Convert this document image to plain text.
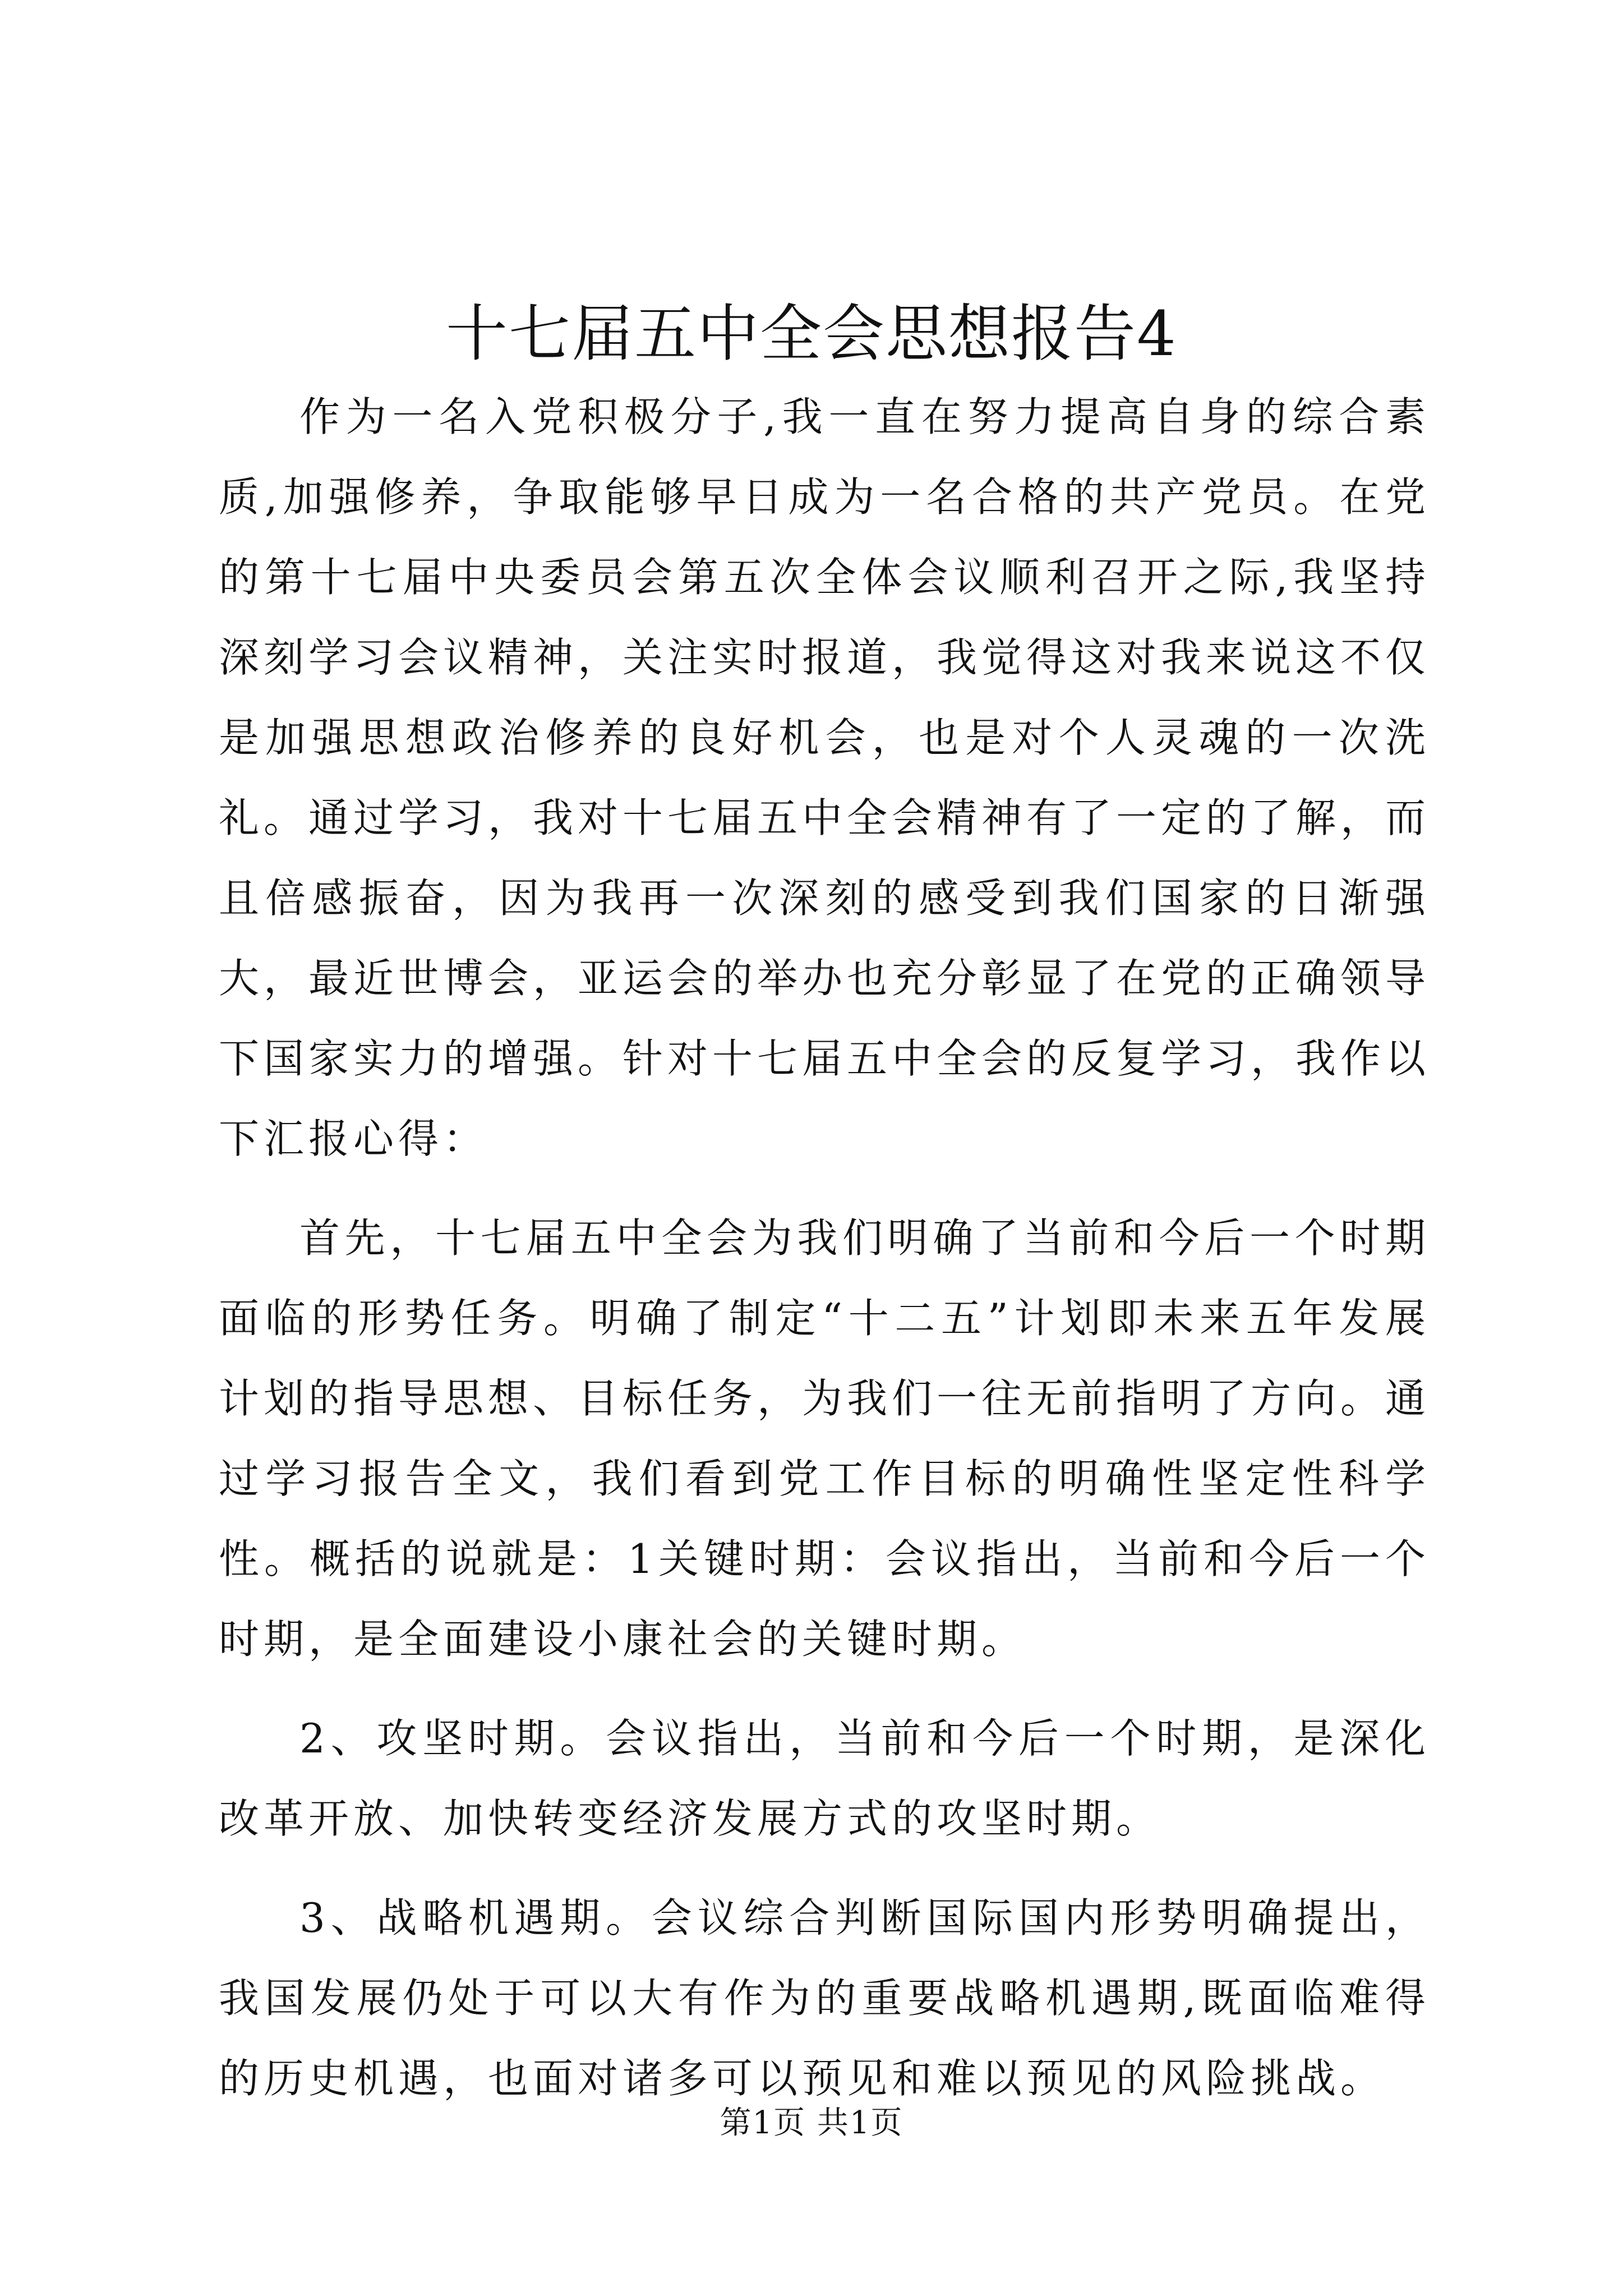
十七届五中全会思想报告4

作为一名入党积极分子,我一直在努力提高自身的综合素质,加强修养，争取能够早日成为一名合格的共产党员。在党的第十七届中央委员会第五次全体会议顺利召开之际,我坚持深刻学习会议精神，关注实时报道，我觉得这对我来说这不仅是加强思想政治修养的良好机会，也是对个人灵魂的一次洗礼。通过学习，我对十七届五中全会精神有了一定的了解，而且倍感振奋，因为我再一次深刻的感受到我们国家的日渐强大，最近世博会，亚运会的举办也充分彰显了在党的正确领导下国家实力的增强。针对十七届五中全会的反复学习，我作以下汇报心得：

首先，十七届五中全会为我们明确了当前和今后一个时期面临的形势任务。明确了制定“十二五”计划即未来五年发展计划的指导思想、目标任务，为我们一往无前指明了方向。通过学习报告全文，我们看到党工作目标的明确性坚定性科学性。概括的说就是：1关键时期：会议指出，当前和今后一个时期，是全面建设小康社会的关键时期。

2、攻坚时期。会议指出，当前和今后一个时期，是深化改革开放、加快转变经济发展方式的攻坚时期。

3、战略机遇期。会议综合判断国际国内形势明确提出，我国发展仍处于可以大有作为的重要战略机遇期,既面临难得的历史机遇，也面对诸多可以预见和难以预见的风险挑战。

第1页 共1页
